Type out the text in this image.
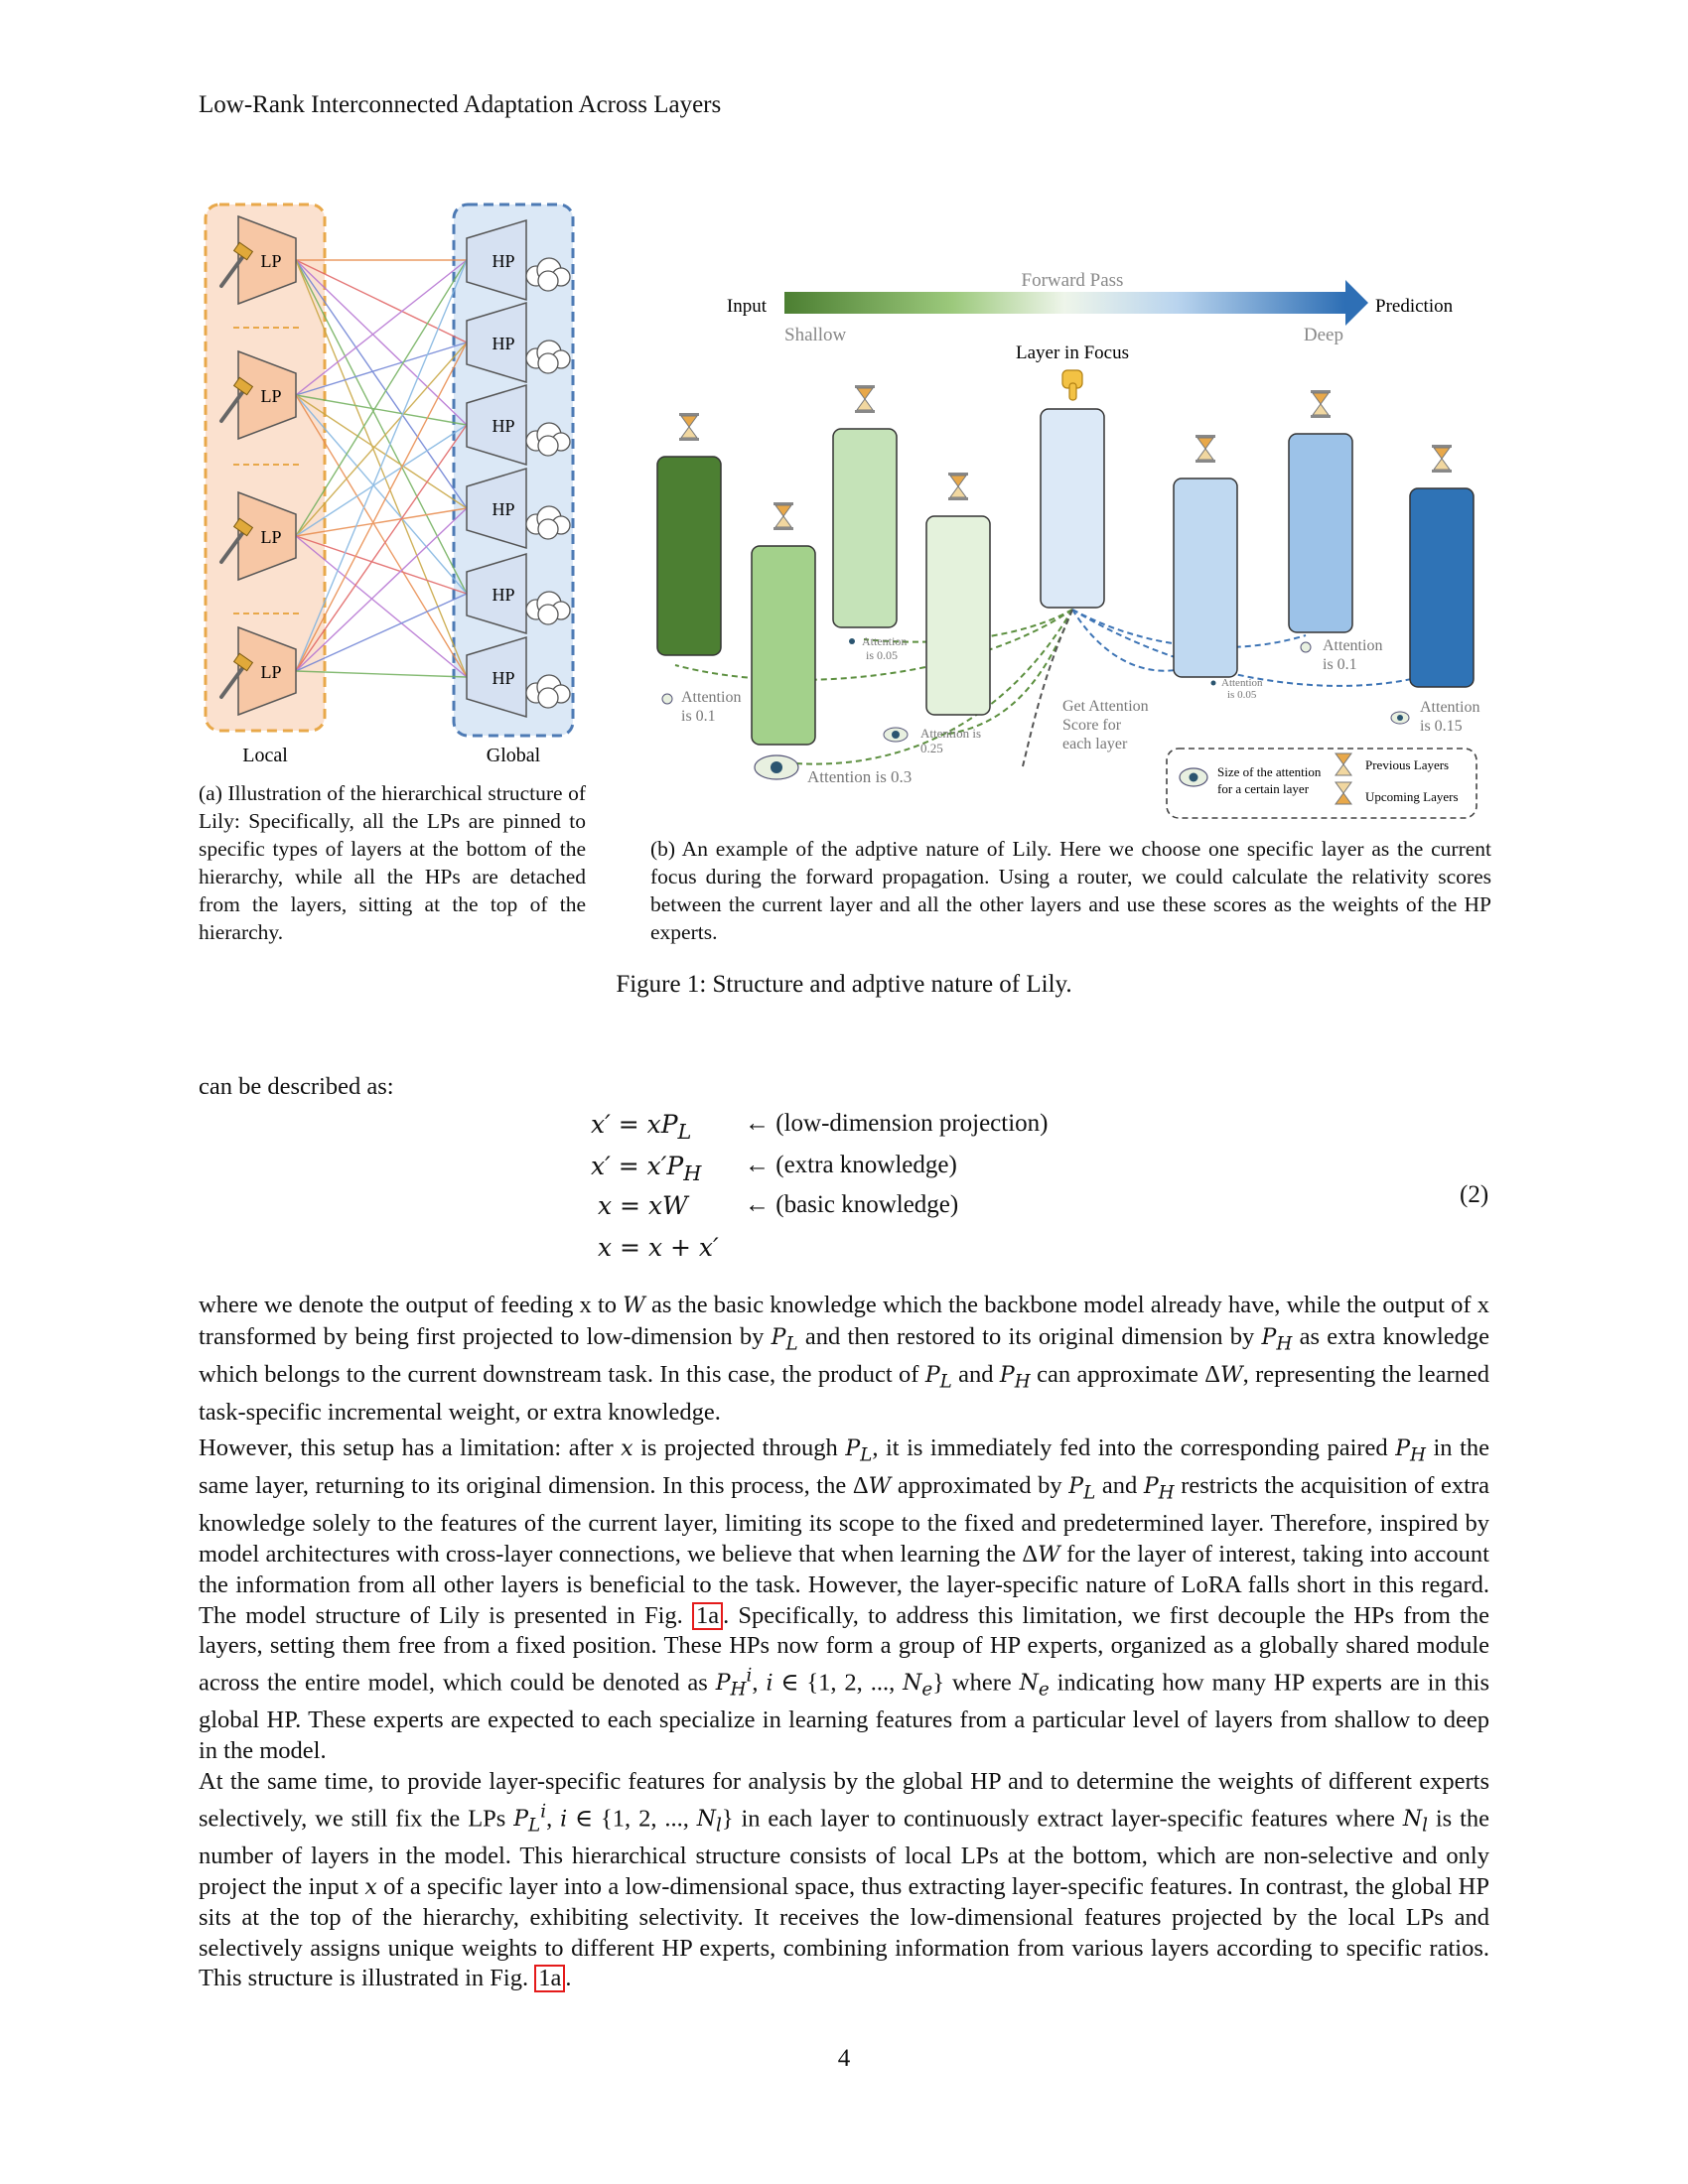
Low-Rank Interconnected Adaptation Across Layers
LP
LP
LP
LP
HP
HP
HP
HP
HP
HP
Local	Global
(a) Illustration of the hierarchical structure of Lily: Specifically, all the LPs are pinned to specific types of layers at the bottom of the hierarchy, while all the HPs are detached from the layers, sitting at the top of the hierarchy.
Forward Pass
Input	Prediction
Shallow	Deep
Layer in Focus
Attention
is 0.1
Attention is 0.3
Attention
is 0.05
Attention is
0.25
Attention
is 0.05
Attention
is 0.1
Attention
is 0.15
Get Attention
Score for
each layer
Size of the attention
for a certain layer
Previous Layers
Upcoming Layers
(b) An example of the adptive nature of Lily. Here we choose one specific layer as the current focus during the forward propagation. Using a router, we could calculate the relativity scores between the current layer and all the other layers and use these scores as the weights of the HP experts.
Figure 1: Structure and adptive nature of Lily.
can be described as:
$x' = xP_L$ ← (low-dimension projection)
$x' = x'P_H$ ← (extra knowledge)
x = xW ← (basic knowledge)
x = x + x′
(2)
where we denote the output of feeding x to W as the basic knowledge which the backbone model already have, while the output of x transformed by being first projected to low-dimension by $P_L$ and then restored to its original dimension by $P_H$ as extra knowledge which belongs to the current downstream task. In this case, the product of $P_L$ and $P_H$ can approximate ΔW, representing the learned task-specific incremental weight, or extra knowledge.
However, this setup has a limitation: after x is projected through $P_L$, it is immediately fed into the corresponding paired $P_H$ in the same layer, returning to its original dimension. In this process, the ΔW approximated by $P_L$ and $P_H$ restricts the acquisition of extra knowledge solely to the features of the current layer, limiting its scope to the fixed and predetermined layer. Therefore, inspired by model architectures with cross-layer connections, we believe that when learning the ΔW for the layer of interest, taking into account the information from all other layers is beneficial to the task. However, the layer-specific nature of LoRA falls short in this regard. The model structure of Lily is presented in Fig. 1a . Specifically, to address this limitation, we first decouple the HPs from the layers, setting them free from a fixed position. These HPs now form a group of HP experts, organized as a globally shared module across the entire model, which could be denoted as $P_H^i$, i ∈ {1, 2, ..., $N_e$} where $N_e$ indicating how many HP experts are in this global HP. These experts are expected to each specialize in learning features from a particular level of layers from shallow to deep in the model.
At the same time, to provide layer-specific features for analysis by the global HP and to determine the weights of different experts selectively, we still fix the LPs $P_L^i$, i ∈ {1, 2, ..., $N_l$} in each layer to continuously extract layer-specific features where $N_l$ is the number of layers in the model. This hierarchical structure consists of local LPs at the bottom, which are non-selective and only project the input x of a specific layer into a low-dimensional space, thus extracting layer-specific features. In contrast, the global HP sits at the top of the hierarchy, exhibiting selectivity. It receives the low-dimensional features projected by the local LPs and selectively assigns unique weights to different HP experts, combining information from various layers according to specific ratios. This structure is illustrated in Fig. 1a .
4
